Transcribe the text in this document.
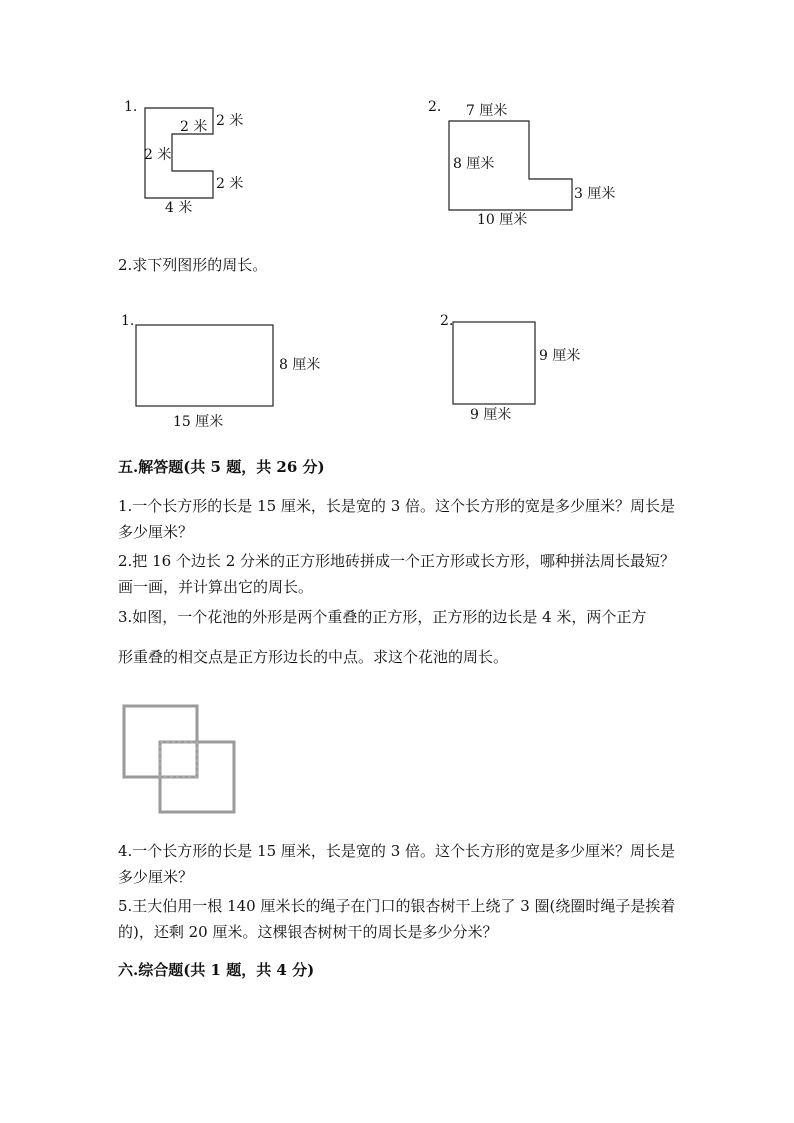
1.
2 米
2 米
2 米
2 米
4 米
2. 7 厘米
8 厘米
3 厘米
10 厘米
2.求下列图形的周长。
1.
8 厘米
15 厘米
2.
9 厘米
9 厘米
五.解答题(共 5 题，共 26 分)
1.一个长方形的长是 15 厘米，长是宽的 3 倍。这个长方形的宽是多少厘米？周长是多少厘米？
2.把 16 个边长 2 分米的正方形地砖拼成一个正方形或长方形，哪种拼法周长最短？画一画，并计算出它的周长。
3.如图，一个花池的外形是两个重叠的正方形，正方形的边长是 4 米，两个正方
形重叠的相交点是正方形边长的中点。求这个花池的周长。
4.一个长方形的长是 15 厘米，长是宽的 3 倍。这个长方形的宽是多少厘米？周长是多少厘米？
5.王大伯用一根 140 厘米长的绳子在门口的银杏树干上绕了 3 圈(绕圈时绳子是挨着的)，还剩 20 厘米。这棵银杏树树干的周长是多少分米？
六.综合题(共 1 题，共 4 分)
